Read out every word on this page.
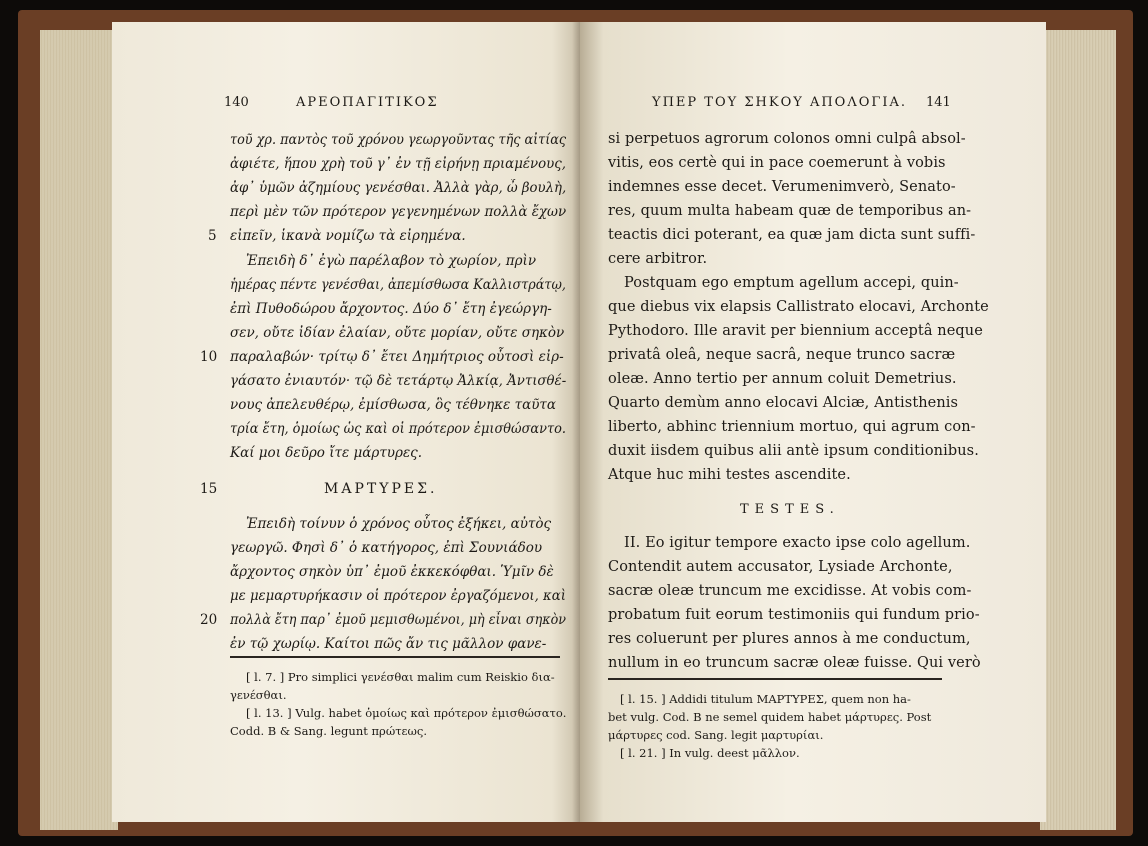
140	ΑΡΕΟΠΑΓΙΤΙΚΟΣ
τοῦ χρ. παντὸς τοῦ χρόνου γεωργοῦντας τῆς αἰτίας
ἀφιέτε, ἥπου χρὴ τοῦ γ᾽ ἐν τῇ εἰρήνῃ πριαμένους,
ἀφ᾽ ὑμῶν ἀζημίους γενέσθαι. Ἀλλὰ γὰρ, ὦ βουλὴ,
περὶ μὲν τῶν πρότερον γεγενημένων πολλὰ ἔχων
5 εἰπεῖν, ἱκανὰ νομίζω τὰ εἰρημένα.
Ἐπειδὴ δ᾽ ἐγὼ παρέλαβον τὸ χωρίον, πρὶν
ἡμέρας πέντε γενέσθαι, ἀπεμίσθωσα Καλλιστράτῳ,
ἐπὶ Πυθοδώρου ἄρχοντος. Δύο δ᾽ ἔτη ἐγεώργη-
σεν, οὔτε ἰδίαν ἐλαίαν, οὔτε μορίαν, οὔτε σηκὸν
10 παραλαβών· τρίτῳ δ᾽ ἔτει Δημήτριος οὗτοσὶ εἰρ-
γάσατο ἐνιαυτόν· τῷ δὲ τετάρτῳ Ἀλκίᾳ, Ἀντισθέ-
νους ἀπελευθέρῳ, ἐμίσθωσα, ὃς τέθνηκε ταῦτα
τρία ἔτη, ὁμοίως ὡς καὶ οἱ πρότερον ἐμισθώσαντο.
Καί μοι δεῦρο ἴτε μάρτυρες.
15	ΜΑΡΤΥΡΕΣ.
Ἐπειδὴ τοίνυν ὁ χρόνος οὗτος ἐξήκει, αὐτὸς
γεωργῶ. Φησὶ δ᾽ ὁ κατήγορος, ἐπὶ Σουνιάδου
ἄρχοντος σηκὸν ὑπ᾽ ἐμοῦ ἐκκεκόφθαι. Ὑμῖν δὲ
με μεμαρτυρήκασιν οἱ πρότερον ἐργαζόμενοι, καὶ
20 πολλὰ ἔτη παρ᾽ ἐμοῦ μεμισθωμένοι, μὴ εἶναι σηκὸν
ἐν τῷ χωρίῳ. Καίτοι πῶς ἄν τις μᾶλλον φανε-
[ l. 7. ] Pro simplici γενέσθαι malim cum Reiskio δια-
γενέσθαι.
[ l. 13. ] Vulg. habet ὁμοίως καὶ πρότερον ἐμισθώσατο.
Codd. B & Sang. legunt πρώτεως.
ΥΠΕΡ ΤΟΥ ΣΗΚΟΥ ΑΠΟΛΟΓΙΑ. 141
si perpetuos agrorum colonos omni culpâ absol-
vitis, eos certè qui in pace coemerunt à vobis
indemnes esse decet. Verumenimverò, Senato-
res, quum multa habeam quæ de temporibus an-
teactis dici poterant, ea quæ jam dicta sunt suffi-
cere arbitror.
Postquam ego emptum agellum accepi, quin-
que diebus vix elapsis Callistrato elocavi, Archonte
Pythodoro. Ille aravit per biennium acceptâ neque
privatâ oleâ, neque sacrâ, neque trunco sacræ
oleæ. Anno tertio per annum coluit Demetrius.
Quarto demùm anno elocavi Alciæ, Antisthenis
liberto, abhinc triennium mortuo, qui agrum con-
duxit iisdem quibus alii antè ipsum conditionibus.
Atque huc mihi testes ascendite.
TESTES.
II. Eo igitur tempore exacto ipse colo agellum.
Contendit autem accusator, Lysiade Archonte,
sacræ oleæ truncum me excidisse. At vobis com-
probatum fuit eorum testimoniis qui fundum prio-
res coluerunt per plures annos à me conductum,
nullum in eo truncum sacræ oleæ fuisse. Qui verò
[ l. 15. ] Addidi titulum ΜΑΡΤΥΡΕΣ, quem non ha-
bet vulg. Cod. B ne semel quidem habet μάρτυρες. Post
μάρτυρες cod. Sang. legit μαρτυρίαι.
[ l. 21. ] In vulg. deest μᾶλλον.
